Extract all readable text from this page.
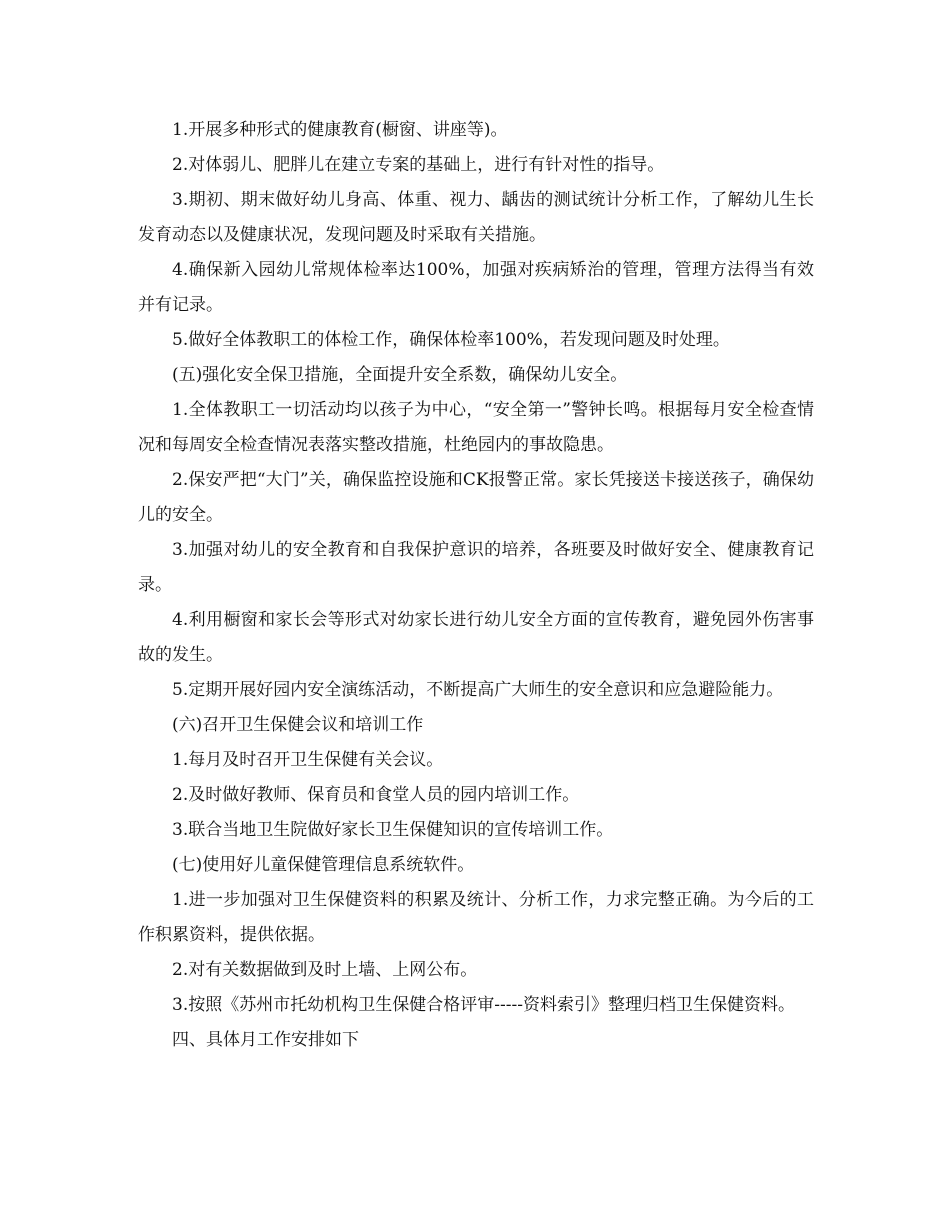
1.开展多种形式的健康教育(橱窗、讲座等)。

2.对体弱儿、肥胖儿在建立专案的基础上，进行有针对性的指导。

3.期初、期末做好幼儿身高、体重、视力、龋齿的测试统计分析工作，了解幼儿生长发育动态以及健康状况，发现问题及时采取有关措施。

4.确保新入园幼儿常规体检率达100%，加强对疾病矫治的管理，管理方法得当有效并有记录。

5.做好全体教职工的体检工作，确保体检率100%，若发现问题及时处理。

(五)强化安全保卫措施，全面提升安全系数，确保幼儿安全。

1.全体教职工一切活动均以孩子为中心，“安全第一”警钟长鸣。根据每月安全检查情况和每周安全检查情况表落实整改措施，杜绝园内的事故隐患。

2.保安严把“大门”关，确保监控设施和CK报警正常。家长凭接送卡接送孩子，确保幼儿的安全。

3.加强对幼儿的安全教育和自我保护意识的培养，各班要及时做好安全、健康教育记录。

4.利用橱窗和家长会等形式对幼家长进行幼儿安全方面的宣传教育，避免园外伤害事故的发生。

5.定期开展好园内安全演练活动，不断提高广大师生的安全意识和应急避险能力。

(六)召开卫生保健会议和培训工作

1.每月及时召开卫生保健有关会议。

2.及时做好教师、保育员和食堂人员的园内培训工作。

3.联合当地卫生院做好家长卫生保健知识的宣传培训工作。

(七)使用好儿童保健管理信息系统软件。

1.进一步加强对卫生保健资料的积累及统计、分析工作，力求完整正确。为今后的工作积累资料，提供依据。

2.对有关数据做到及时上墙、上网公布。

3.按照《苏州市托幼机构卫生保健合格评审-----资料索引》整理归档卫生保健资料。

四、具体月工作安排如下
